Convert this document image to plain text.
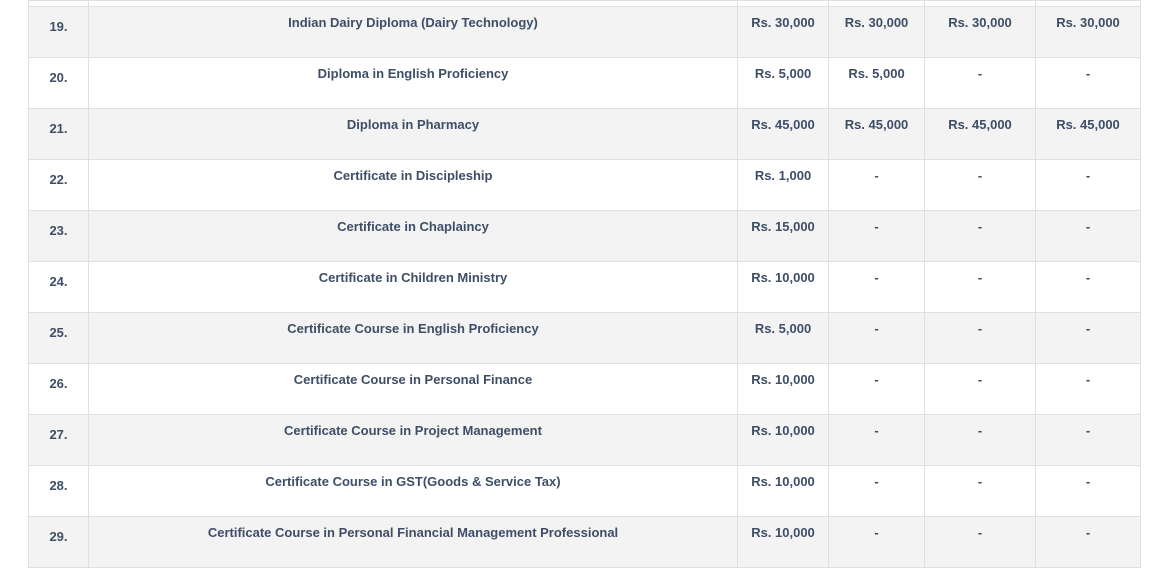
19.	Indian Dairy Diploma (Dairy Technology)	Rs. 30,000	Rs. 30,000	Rs. 30,000	Rs. 30,000
20.	Diploma in English Proficiency	Rs. 5,000	Rs. 5,000	-	-
21.	Diploma in Pharmacy	Rs. 45,000	Rs. 45,000	Rs. 45,000	Rs. 45,000
22.	Certificate in Discipleship	Rs. 1,000	-	-	-
23.	Certificate in Chaplaincy	Rs. 15,000	-	-	-
24.	Certificate in Children Ministry	Rs. 10,000	-	-	-
25.	Certificate Course in English Proficiency	Rs. 5,000	-	-	-
26.	Certificate Course in Personal Finance	Rs. 10,000	-	-	-
27.	Certificate Course in Project Management	Rs. 10,000	-	-	-
28.	Certificate Course in GST(Goods & Service Tax)	Rs. 10,000	-	-	-
29.	Certificate Course in Personal Financial Management Professional	Rs. 10,000	-	-	-
